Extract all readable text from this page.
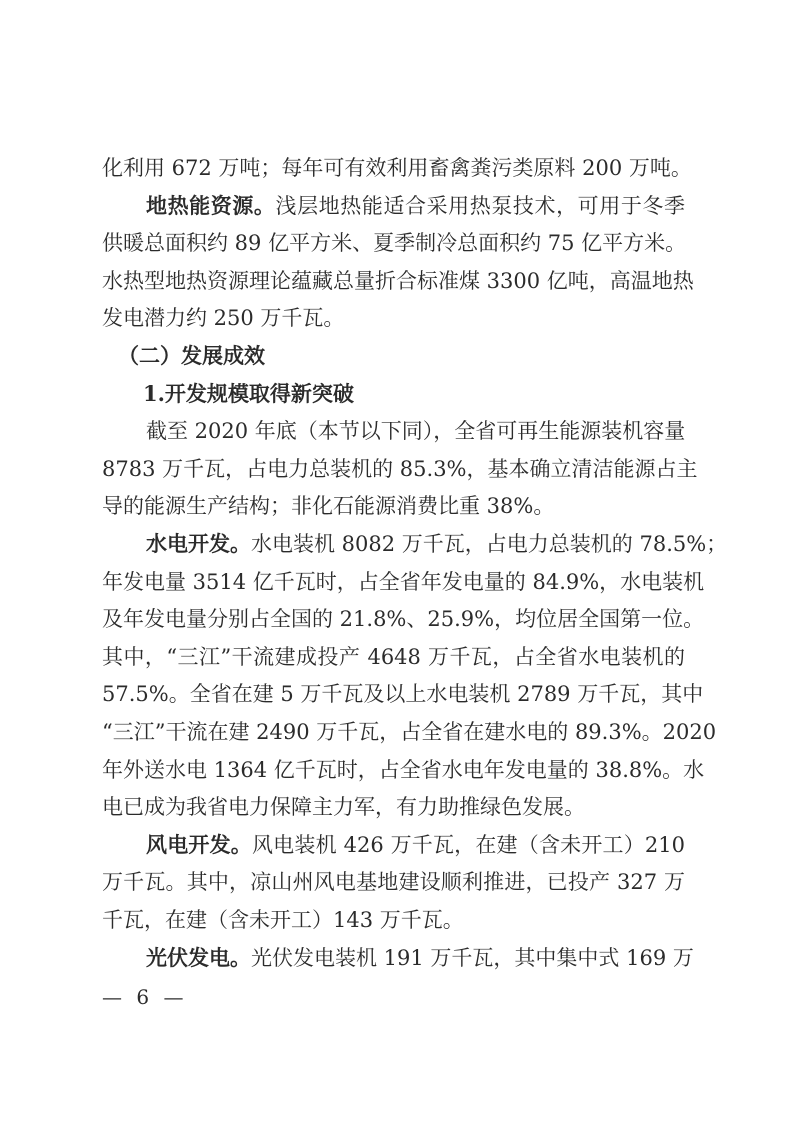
化利用 672 万吨；每年可有效利用畜禽粪污类原料 200 万吨。
地热能资源。浅层地热能适合采用热泵技术，可用于冬季
供暖总面积约 89 亿平方米、夏季制冷总面积约 75 亿平方米。
水热型地热资源理论蕴藏总量折合标准煤 3300 亿吨，高温地热
发电潜力约 250 万千瓦。
（二）发展成效
1.开发规模取得新突破
截至 2020 年底（本节以下同），全省可再生能源装机容量
8783 万千瓦，占电力总装机的 85.3%，基本确立清洁能源占主
导的能源生产结构；非化石能源消费比重 38%。
水电开发。水电装机 8082 万千瓦，占电力总装机的 78.5%；
年发电量 3514 亿千瓦时，占全省年发电量的 84.9%，水电装机
及年发电量分别占全国的 21.8%、25.9%，均位居全国第一位。
其中，“三江”干流建成投产 4648 万千瓦，占全省水电装机的
57.5%。全省在建 5 万千瓦及以上水电装机 2789 万千瓦，其中
“三江”干流在建 2490 万千瓦，占全省在建水电的 89.3%。2020
年外送水电 1364 亿千瓦时，占全省水电年发电量的 38.8%。水
电已成为我省电力保障主力军，有力助推绿色发展。
风电开发。风电装机 426 万千瓦，在建（含未开工）210
万千瓦。其中，凉山州风电基地建设顺利推进，已投产 327 万
千瓦，在建（含未开工）143 万千瓦。
光伏发电。光伏发电装机 191 万千瓦，其中集中式 169 万
— 6 —
